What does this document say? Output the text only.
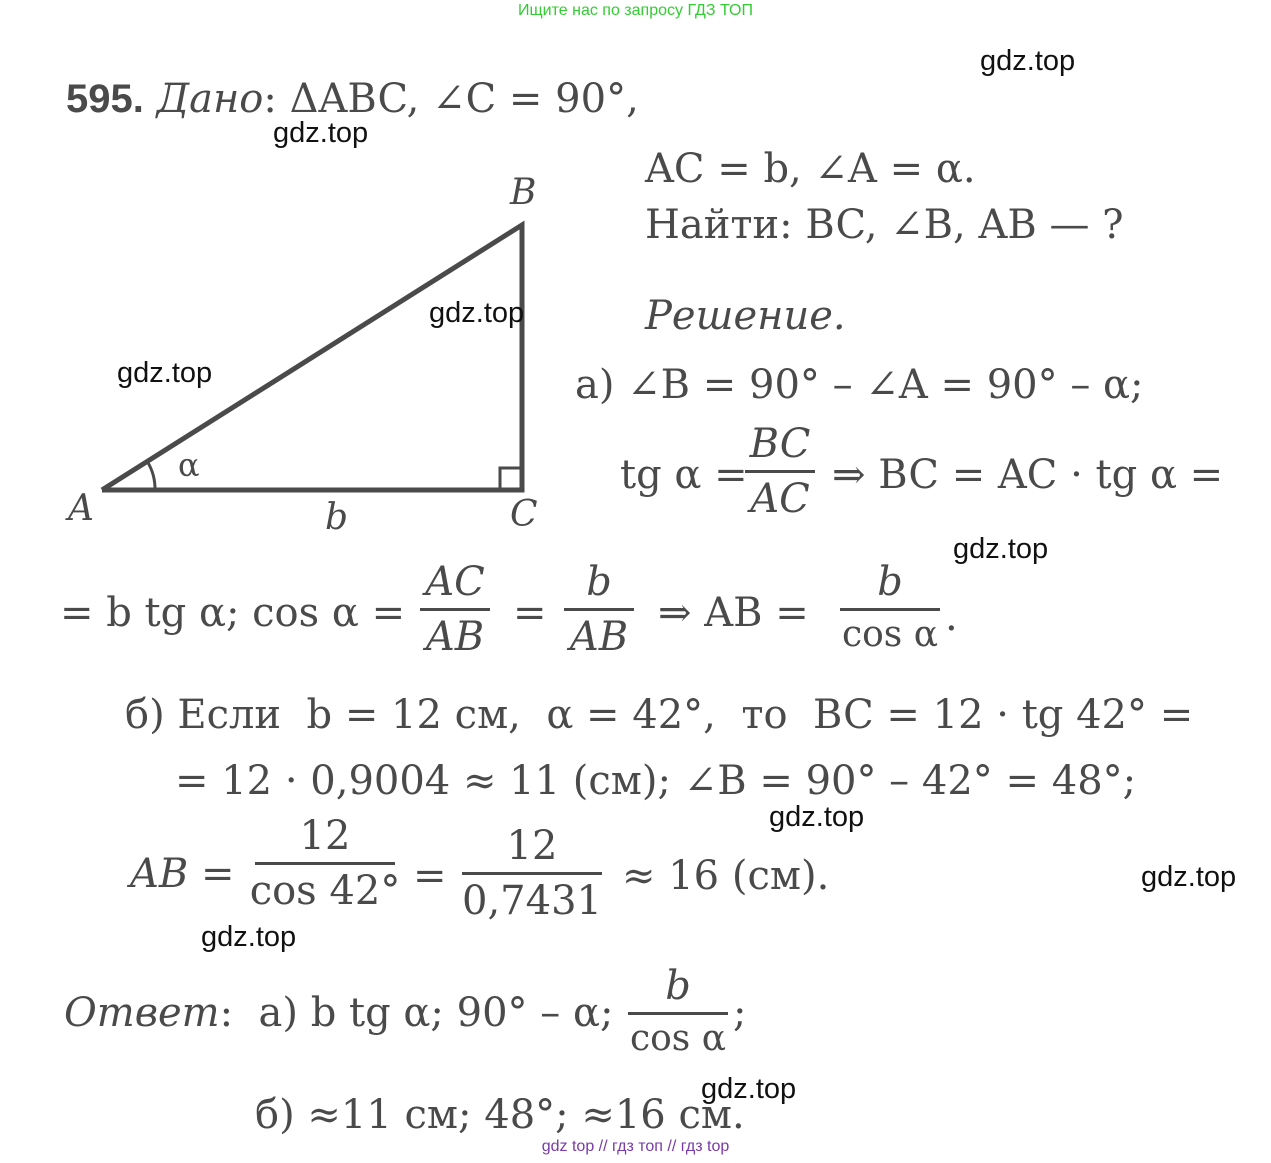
Ищите нас по запросу ГДЗ ТОП
595. Дано: ΔABC, ∠C = 90°,
AC = b, ∠A = α.
Найти: BC, ∠B, AB — ?
Решение.
A
B
C
b
α
а) ∠B = 90° – ∠A = 90° – α;
tg α =
BC
AC
⇒ BC = AC · tg α =
= b tg α; cos α =
AC
AB
=
b
AB
⇒ AB =
b
cos α .
б) Если  b = 12 см,  α = 42°,  то  BC = 12 · tg 42° =
= 12 · 0,9004 ≈ 11 (см); ∠B = 90° – 42° = 48°;
AB =
12
cos 42° =
12
0,7431
≈ 16 (см).
Ответ: а) b tg α; 90° – α;
b
cos α
;
б) ≈11 см; 48°; ≈16 см.
gdz.top
gdz.top
gdz.top
gdz.top
gdz.top
gdz.top
gdz.top
gdz.top
gdz.top
gdz top // гдз топ // гдз top
